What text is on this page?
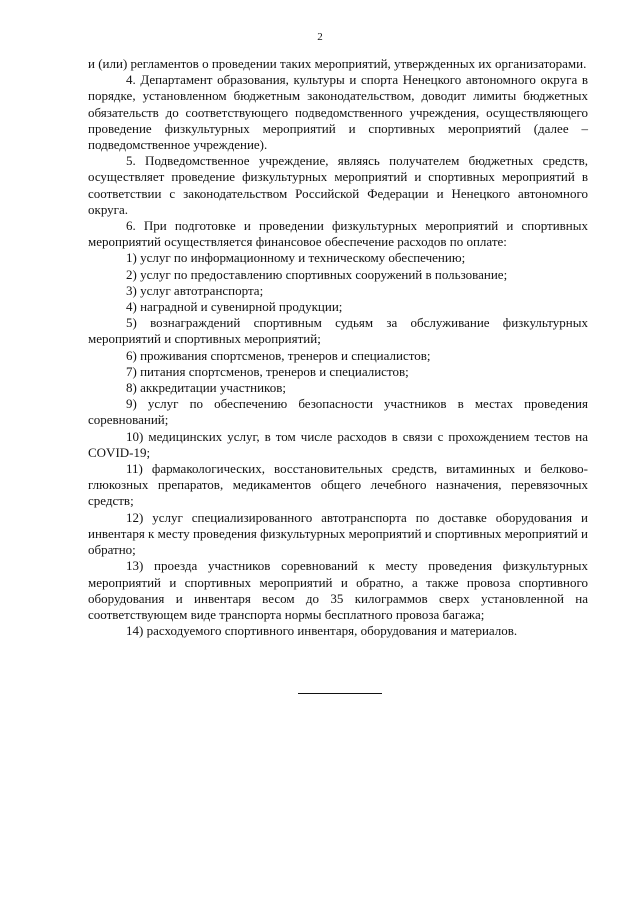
2

и (или) регламентов о проведении таких мероприятий, утвержденных их организаторами.

4. Департамент образования, культуры и спорта Ненецкого автономного округа в порядке, установленном бюджетным законодательством, доводит лимиты бюджетных обязательств до соответствующего подведомственного учреждения, осуществляющего проведение физкультурных мероприятий и спортивных мероприятий (далее – подведомственное учреждение).

5. Подведомственное учреждение, являясь получателем бюджетных средств, осуществляет проведение физкультурных мероприятий и спортивных мероприятий в соответствии с законодательством Российской Федерации и Ненецкого автономного округа.

6. При подготовке и проведении физкультурных мероприятий и спортивных мероприятий осуществляется финансовое обеспечение расходов по оплате:

1) услуг по информационному и техническому обеспечению;

2) услуг по предоставлению спортивных сооружений в пользование;

3) услуг автотранспорта;

4) наградной и сувенирной продукции;

5) вознаграждений спортивным судьям за обслуживание физкультурных мероприятий и спортивных мероприятий;

6) проживания спортсменов, тренеров и специалистов;

7) питания спортсменов, тренеров и специалистов;

8) аккредитации участников;

9) услуг по обеспечению безопасности участников в местах проведения соревнований;

10) медицинских услуг, в том числе расходов в связи с прохождением тестов на COVID-19;

11) фармакологических, восстановительных средств, витаминных и белково-глюкозных препаратов, медикаментов общего лечебного назначения, перевязочных средств;

12) услуг специализированного автотранспорта по доставке оборудования и инвентаря к месту проведения физкультурных мероприятий и спортивных мероприятий и обратно;

13) проезда участников соревнований к месту проведения физкультурных мероприятий и спортивных мероприятий и обратно, а также провоза спортивного оборудования и инвентаря весом до 35 килограммов сверх установленной на соответствующем виде транспорта нормы бесплатного провоза багажа;

14) расходуемого спортивного инвентаря, оборудования и материалов.
